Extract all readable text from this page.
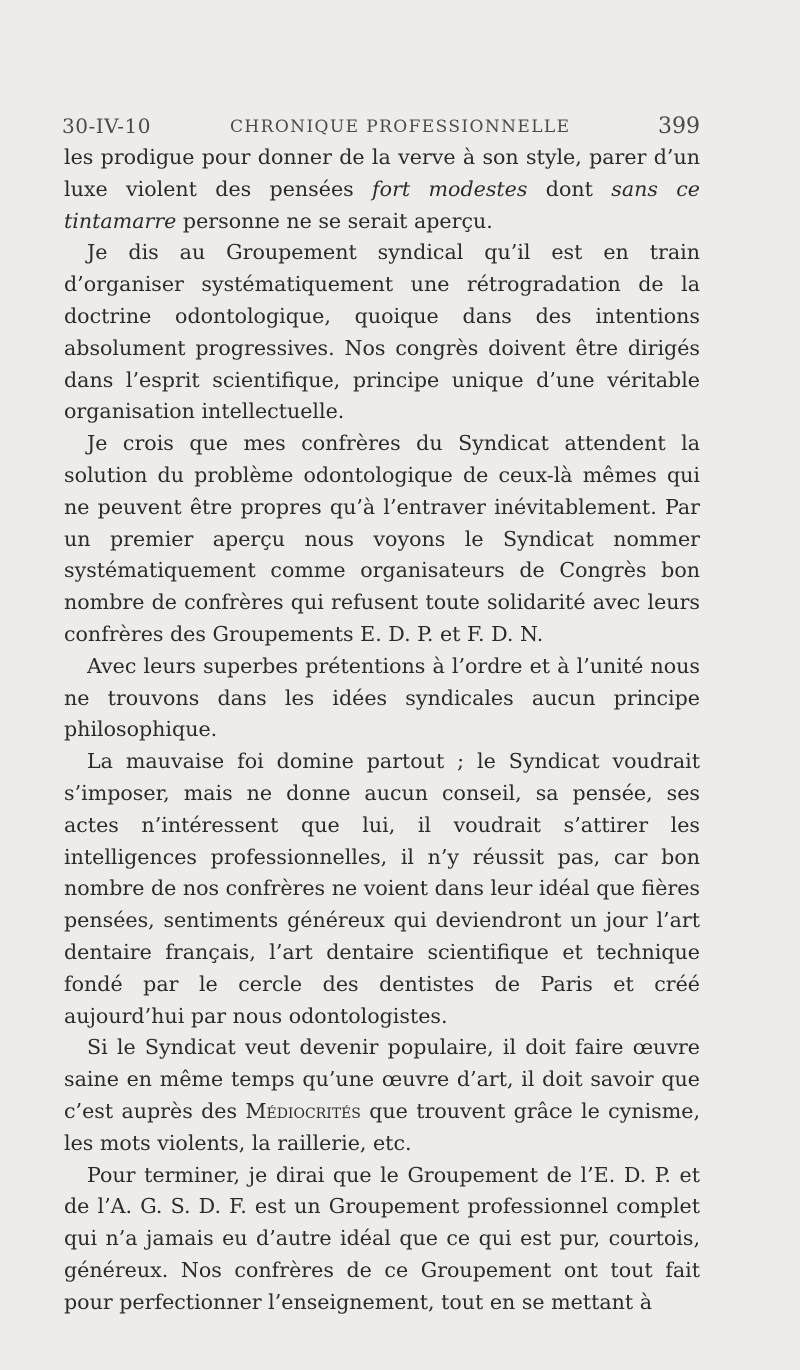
30-IV-10	CHRONIQUE PROFESSIONNELLE	399

les prodigue pour donner de la verve à son style, parer d’un luxe violent des pensées fort modestes dont sans ce tintamarre personne ne se serait aperçu.

Je dis au Groupement syndical qu’il est en train d’organiser systématiquement une rétrogradation de la doctrine odontologique, quoique dans des intentions absolument progressives. Nos congrès doivent être dirigés dans l’esprit scientifique, principe unique d’une véritable organisation intellectuelle.

Je crois que mes confrères du Syndicat attendent la solution du problème odontologique de ceux-là mêmes qui ne peuvent être propres qu’à l’entraver inévitablement. Par un premier aperçu nous voyons le Syndicat nommer systématiquement comme organisateurs de Congrès bon nombre de confrères qui refusent toute solidarité avec leurs confrères des Groupements E. D. P. et F. D. N.

Avec leurs superbes prétentions à l’ordre et à l’unité nous ne trouvons dans les idées syndicales aucun principe philosophique.

La mauvaise foi domine partout ; le Syndicat voudrait s’imposer, mais ne donne aucun conseil, sa pensée, ses actes n’intéressent que lui, il voudrait s’attirer les intelligences professionnelles, il n’y réussit pas, car bon nombre de nos confrères ne voient dans leur idéal que fières pensées, sentiments généreux qui deviendront un jour l’art dentaire français, l’art dentaire scientifique et technique fondé par le cercle des dentistes de Paris et créé aujourd’hui par nous odontologistes.

Si le Syndicat veut devenir populaire, il doit faire œuvre saine en même temps qu’une œuvre d’art, il doit savoir que c’est auprès des Médiocrités que trouvent grâce le cynisme, les mots violents, la raillerie, etc.

Pour terminer, je dirai que le Groupement de l’E. D. P. et de l’A. G. S. D. F. est un Groupement professionnel complet qui n’a jamais eu d’autre idéal que ce qui est pur, courtois, généreux. Nos confrères de ce Groupement ont tout fait pour perfectionner l’enseignement, tout en se mettant à
